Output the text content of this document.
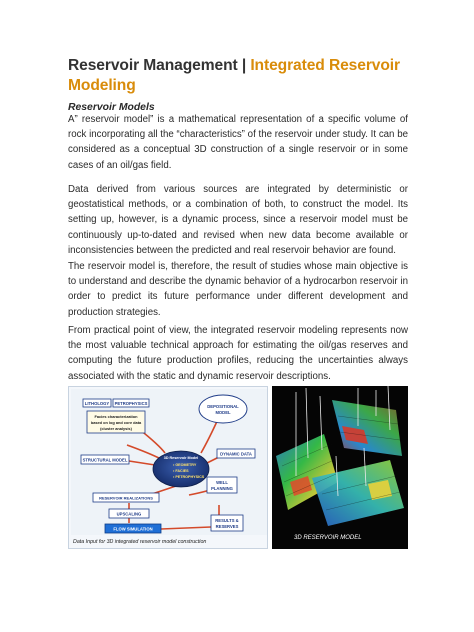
Reservoir Management | Integrated Reservoir
Modeling
Reservoir Models

A” reservoir model” is a mathematical representation of a specific volume of rock incorporating all the “characteristics” of the reservoir under study. It can be considered as a conceptual 3D construction of a single reservoir or in some cases of an oil/gas field.

Data derived from various sources are integrated by deterministic or geostatistical methods, or a combination of both, to construct the model. Its setting up, however, is a dynamic process, since a reservoir model must be continuously up-to-dated and revised when new data become available or inconsistencies between the predicted and real reservoir behavior are found.

The reservoir model is, therefore, the result of studies whose main objective is to understand and describe the dynamic behavior of a hydrocarbon reservoir in order to predict its future performance under different development and production strategies.

From practical point of view, the integrated reservoir modeling represents now the most valuable technical approach for estimating the oil/gas reserves and computing the future production profiles, reducing the uncertainties always associated with the static and dynamic reservoir descriptions.

LITHOLOGY PETROPHYSICS
Facies characterization
based on log and core data
(cluster analysis)
DEPOSITIONAL
MODEL
STRUCTURAL MODEL	3D Reservoir Model
• GEOMETRY
• FACIES
• PETROPHYSICS
DYNAMIC DATA
RESERVOIR REALIZATIONS
WELL
PLANNING
UPSCALING
FLOW SIMULATION
RESULTS &
RESERVES
Data Input for 3D integrated reservoir model construction
3D RESERVOIR MODEL
